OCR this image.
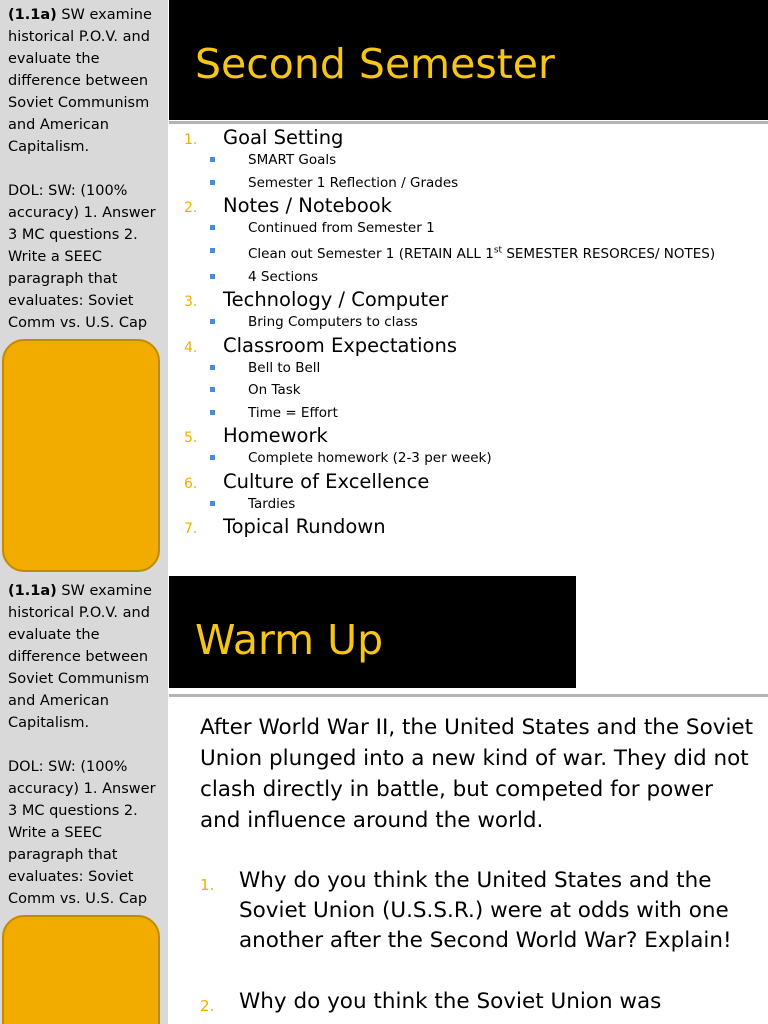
(1.1a) SW examine historical P.O.V. and evaluate the difference between Soviet Communism and American Capitalism.
DOL: SW: (100% accuracy) 1. Answer 3 MC questions 2. Write a SEEC paragraph that evaluates: Soviet Comm vs. U.S. Cap
Second Semester
1. Goal Setting
SMART Goals
Semester 1 Reflection / Grades
2. Notes / Notebook
Continued from Semester 1
Clean out Semester 1 (RETAIN ALL 1st SEMESTER RESORCES/ NOTES)
4 Sections
3. Technology / Computer
Bring Computers to class
4. Classroom Expectations
Bell to Bell
On Task
Time = Effort
5. Homework
Complete homework (2-3 per week)
6. Culture of Excellence
Tardies
7. Topical Rundown
(1.1a) SW examine historical P.O.V. and evaluate the difference between Soviet Communism and American Capitalism.
DOL: SW: (100% accuracy) 1. Answer 3 MC questions 2. Write a SEEC paragraph that evaluates: Soviet Comm vs. U.S. Cap
Warm Up
After World War II, the United States and the Soviet Union plunged into a new kind of war. They did not clash directly in battle, but competed for power and influence around the world.
1. Why do you think the United States and the Soviet Union (U.S.S.R.) were at odds with one another after the Second World War? Explain!
2. Why do you think the Soviet Union was
